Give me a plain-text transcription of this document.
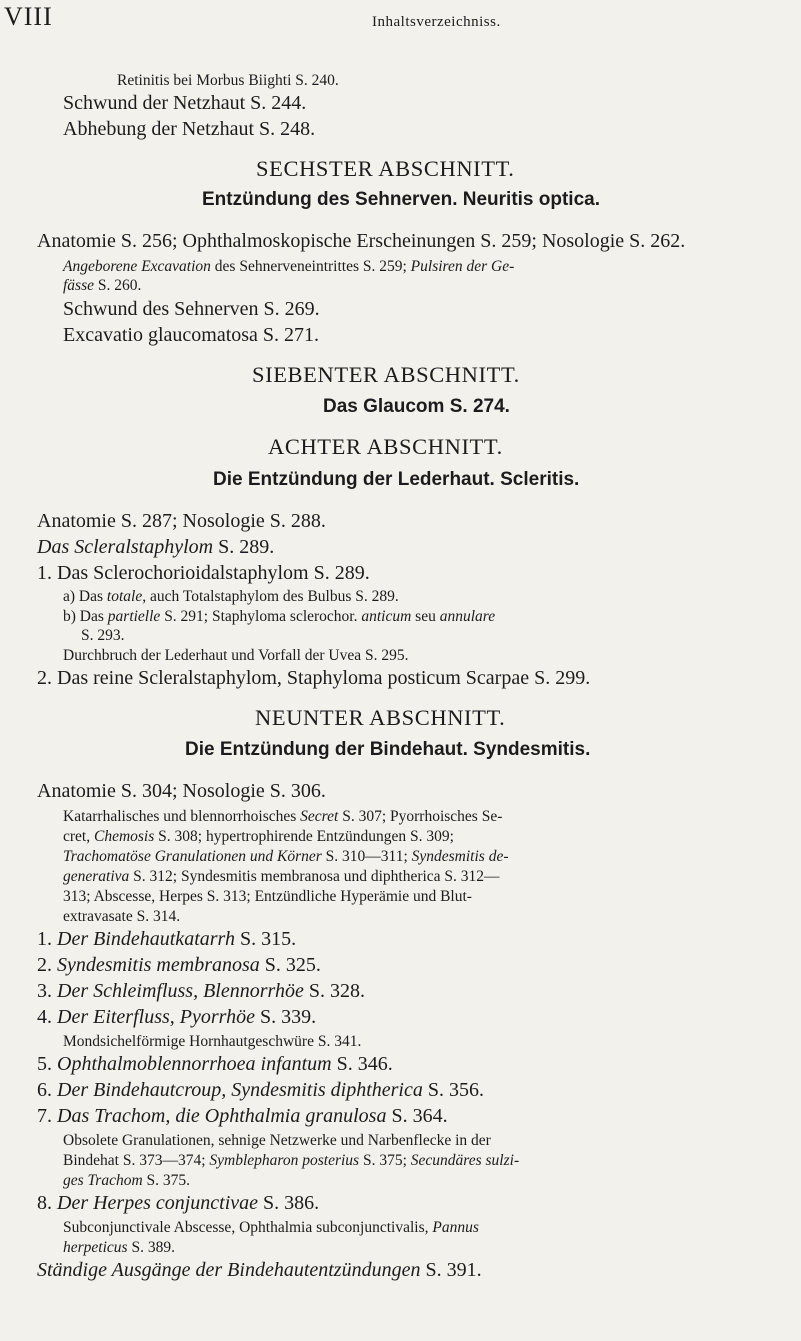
VIII	Inhaltsverzeichniss.
Retinitis bei Morbus Biighti S. 240.
Schwund der Netzhaut S. 244.
Abhebung der Netzhaut S. 248.
SECHSTER ABSCHNITT.
Entzündung des Sehnerven. Neuritis optica.
Anatomie S. 256; Ophthalmoskopische Erscheinungen S. 259; Nosologie S. 262.
Angeborene Excavation des Sehnerveneintrittes S. 259; Pulsiren der Ge-
fässe S. 260.
Schwund des Sehnerven S. 269.
Excavatio glaucomatosa S. 271.
SIEBENTER ABSCHNITT.
Das Glaucom S. 274.
ACHTER ABSCHNITT.
Die Entzündung der Lederhaut. Scleritis.
Anatomie S. 287; Nosologie S. 288.
Das Scleralstaphylom S. 289.
1. Das Sclerochorioidalstaphylom S. 289.
a) Das totale, auch Totalstaphylom des Bulbus S. 289.
b) Das partielle S. 291; Staphyloma sclerochor. anticum seu annulare
S. 293.
Durchbruch der Lederhaut und Vorfall der Uvea S. 295.
2. Das reine Scleralstaphylom, Staphyloma posticum Scarpae S. 299.
NEUNTER ABSCHNITT.
Die Entzündung der Bindehaut. Syndesmitis.
Anatomie S. 304; Nosologie S. 306.
Katarrhalisches und blennorrhoisches Secret S. 307; Pyorrhoisches Se-
cret, Chemosis S. 308; hypertrophirende Entzündungen S. 309;
Trachomatöse Granulationen und Körner S. 310—311; Syndesmitis de-
generativa S. 312; Syndesmitis membranosa und diphtherica S. 312—
313; Abscesse, Herpes S. 313; Entzündliche Hyperämie und Blut-
extravasate S. 314.
1. Der Bindehautkatarrh S. 315.
2. Syndesmitis membranosa S. 325.
3. Der Schleimfluss, Blennorrhöe S. 328.
4. Der Eiterfluss, Pyorrhöe S. 339.
Mondsichelförmige Hornhautgeschwüre S. 341.
5. Ophthalmoblennorrhoea infantum S. 346.
6. Der Bindehautcroup, Syndesmitis diphtherica S. 356.
7. Das Trachom, die Ophthalmia granulosa S. 364.
Obsolete Granulationen, sehnige Netzwerke und Narbenflecke in der
Bindehat S. 373—374; Symblepharon posterius S. 375; Secundäres sulzi-
ges Trachom S. 375.
8. Der Herpes conjunctivae S. 386.
Subconjunctivale Abscesse, Ophthalmia subconjunctivalis, Pannus
herpeticus S. 389.
Ständige Ausgänge der Bindehautentzündungen S. 391.
